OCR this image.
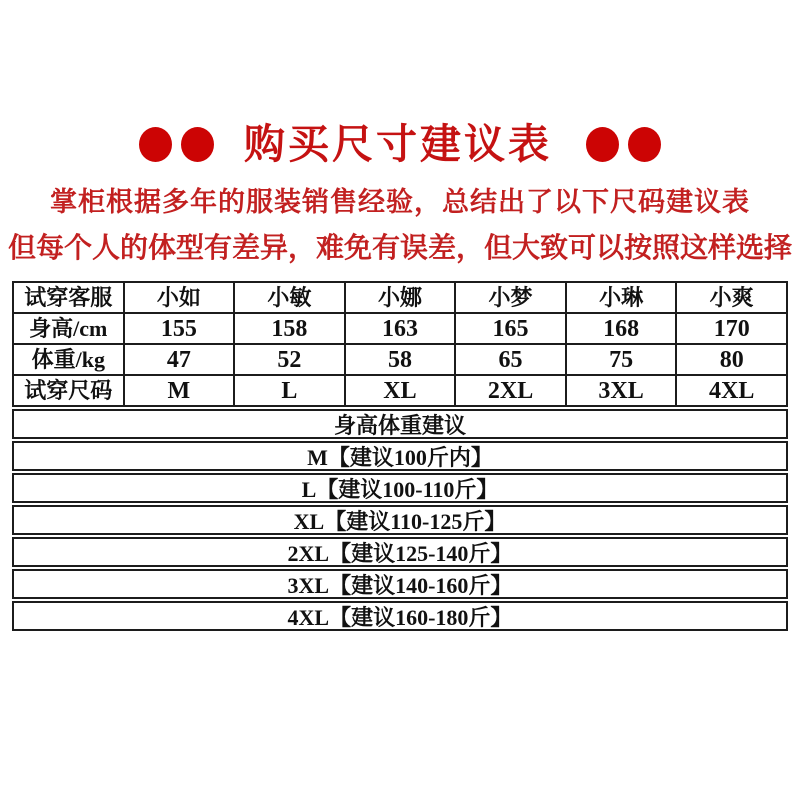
购买尺寸建议表
掌柜根据多年的服装销售经验，总结出了以下尺码建议表
但每个人的体型有差异，难免有误差，但大致可以按照这样选择
试穿客服	小如	小敏	小娜	小梦	小琳	小爽
身高/cm	155	158	163	165	168	170
体重/kg	47	52	58	65	75	80
试穿尺码	M	L	XL	2XL	3XL	4XL
身高体重建议
M【建议100斤内】
L【建议100-110斤】
XL【建议110-125斤】
2XL【建议125-140斤】
3XL【建议140-160斤】
4XL【建议160-180斤】
